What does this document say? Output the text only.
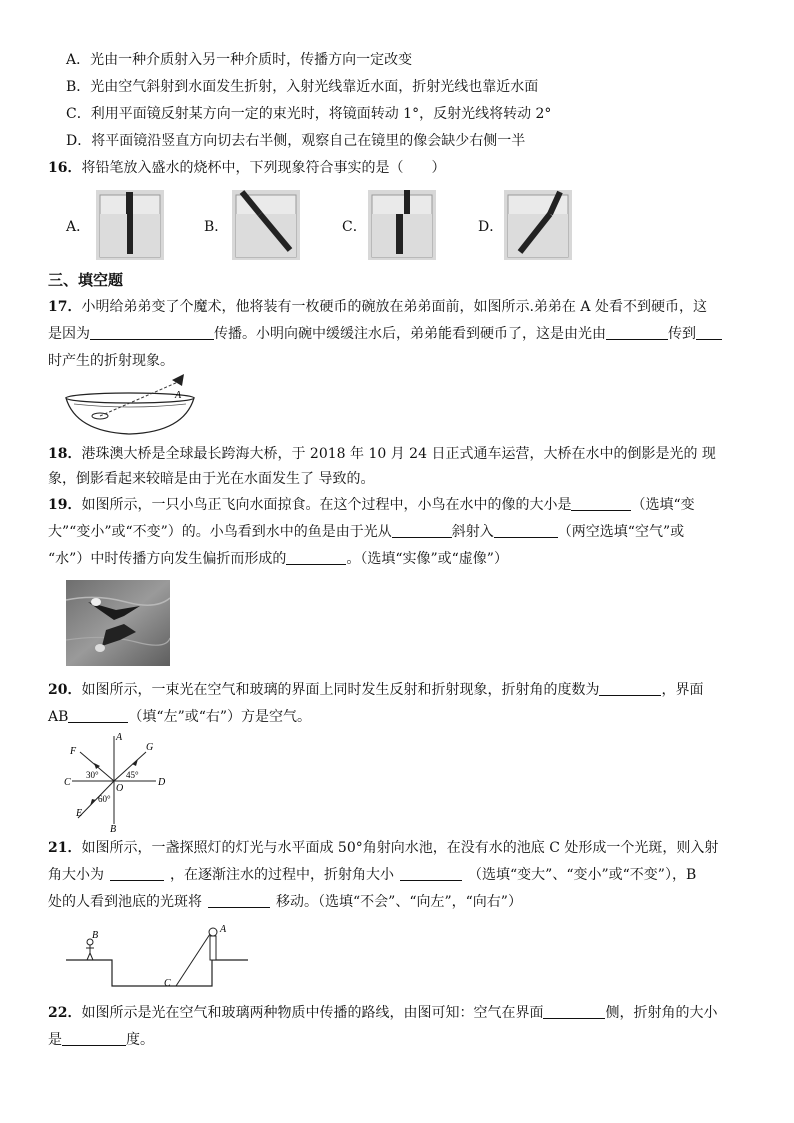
A．光由一种介质射入另一种介质时，传播方向一定改变
B．光由空气斜射到水面发生折射，入射光线靠近水面，折射光线也靠近水面
C．利用平面镜反射某方向一定的束光时，将镜面转动 1°，反射光线将转动 2°
D．将平面镜沿竖直方向切去右半侧，观察自己在镜里的像会缺少右侧一半
16．将铅笔放入盛水的烧杯中，下列现象符合事实的是（　　）
A．	B．	C．	D．
三、填空题
17．小明给弟弟变了个魔术，他将装有一枚硬币的碗放在弟弟面前，如图所示.弟弟在 A 处看不到硬币，这
是因为	传播。小明向碗中缓缓注水后，弟弟能看到硬币了，这是由光由	传到
时产生的折射现象。
A
18．港珠澳大桥是全球最长跨海大桥，于 2018 年 10 月 24 日正式通车运营，大桥在水中的倒影是光的 现
象，倒影看起来较暗是由于光在水面发生了 导致的。
19．如图所示，一只小鸟正飞向水面掠食。在这个过程中，小鸟在水中的像的大小是	（选填“变
大”“变小”或“不变”）的。小鸟看到水中的鱼是由于光从	斜射入	（两空选填“空气”或
“水”）中时传播方向发生偏折而形成的	。（选填“实像”或“虚像”）
20．如图所示，一束光在空气和玻璃的界面上同时发生反射和折射现象，折射角的度数为	，界面
AB	（填“左”或“右”）方是空气。
A
B
C	D
E
F	G
O
30°	45°
60°
21．如图所示，一盏探照灯的灯光与水平面成 50°角射向水池，在没有水的池底 C 处形成一个光斑，则入射
角大小为	，在逐渐注水的过程中，折射角大小	（选填“变大”、“变小”或“不变”），B
处的人看到池底的光斑将	移动。（选填“不会”、“向左”，“向右”）
B
A
C
22．如图所示是光在空气和玻璃两种物质中传播的路线，由图可知：空气在界面	侧，折射角的大小
是	度。
